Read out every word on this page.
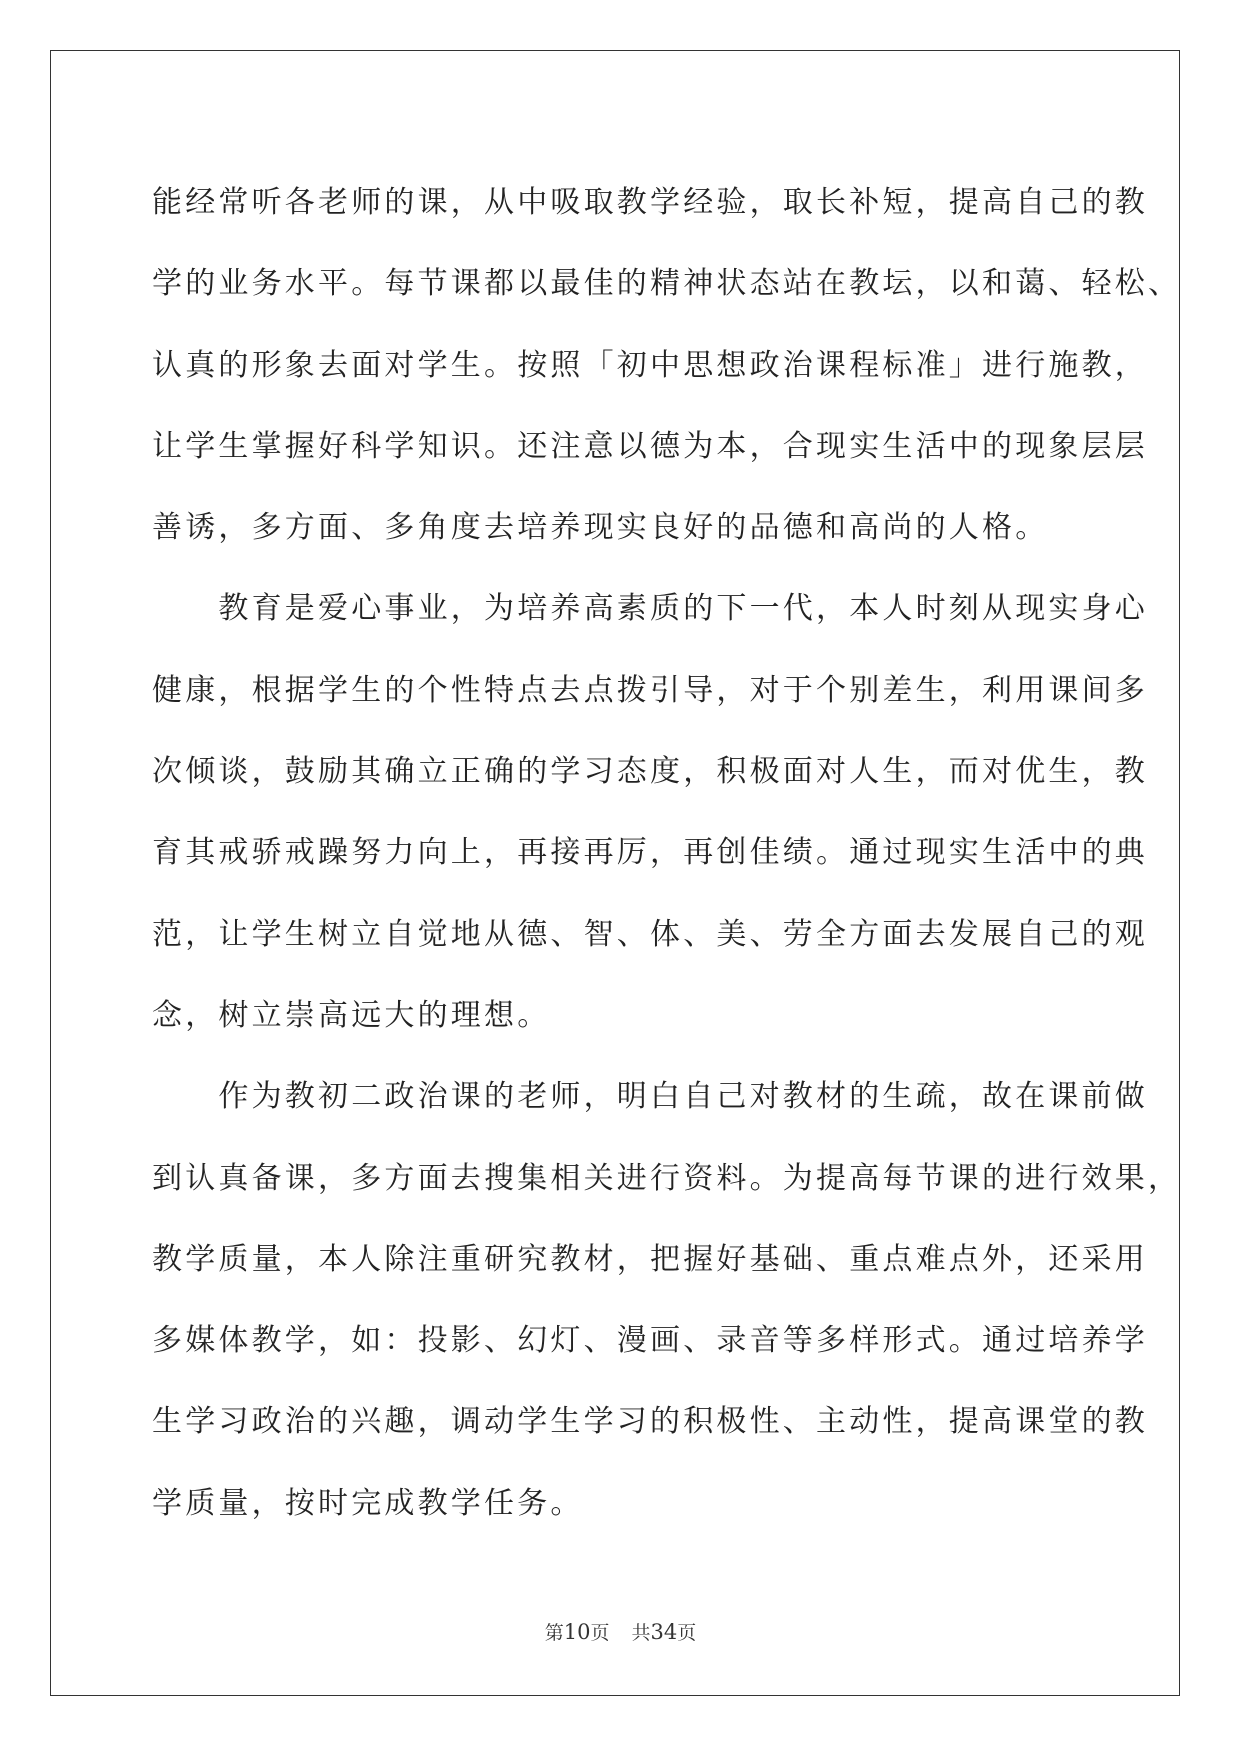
能经常听各老师的课，从中吸取教学经验，取长补短，提高自己的教
学的业务水平。每节课都以最佳的精神状态站在教坛，以和蔼、轻松、
认真的形象去面对学生。按照「初中思想政治课程标准」进行施教，
让学生掌握好科学知识。还注意以德为本，合现实生活中的现象层层
善诱，多方面、多角度去培养现实良好的品德和高尚的人格。
　　教育是爱心事业，为培养高素质的下一代，本人时刻从现实身心
健康，根据学生的个性特点去点拨引导，对于个别差生，利用课间多
次倾谈，鼓励其确立正确的学习态度，积极面对人生，而对优生，教
育其戒骄戒躁努力向上，再接再厉，再创佳绩。通过现实生活中的典
范，让学生树立自觉地从德、智、体、美、劳全方面去发展自己的观
念，树立崇高远大的理想。
　　作为教初二政治课的老师，明白自己对教材的生疏，故在课前做
到认真备课，多方面去搜集相关进行资料。为提高每节课的进行效果，
教学质量，本人除注重研究教材，把握好基础、重点难点外，还采用
多媒体教学，如：投影、幻灯、漫画、录音等多样形式。通过培养学
生学习政治的兴趣，调动学生学习的积极性、主动性，提高课堂的教
学质量，按时完成教学任务。
第10页 共34页
